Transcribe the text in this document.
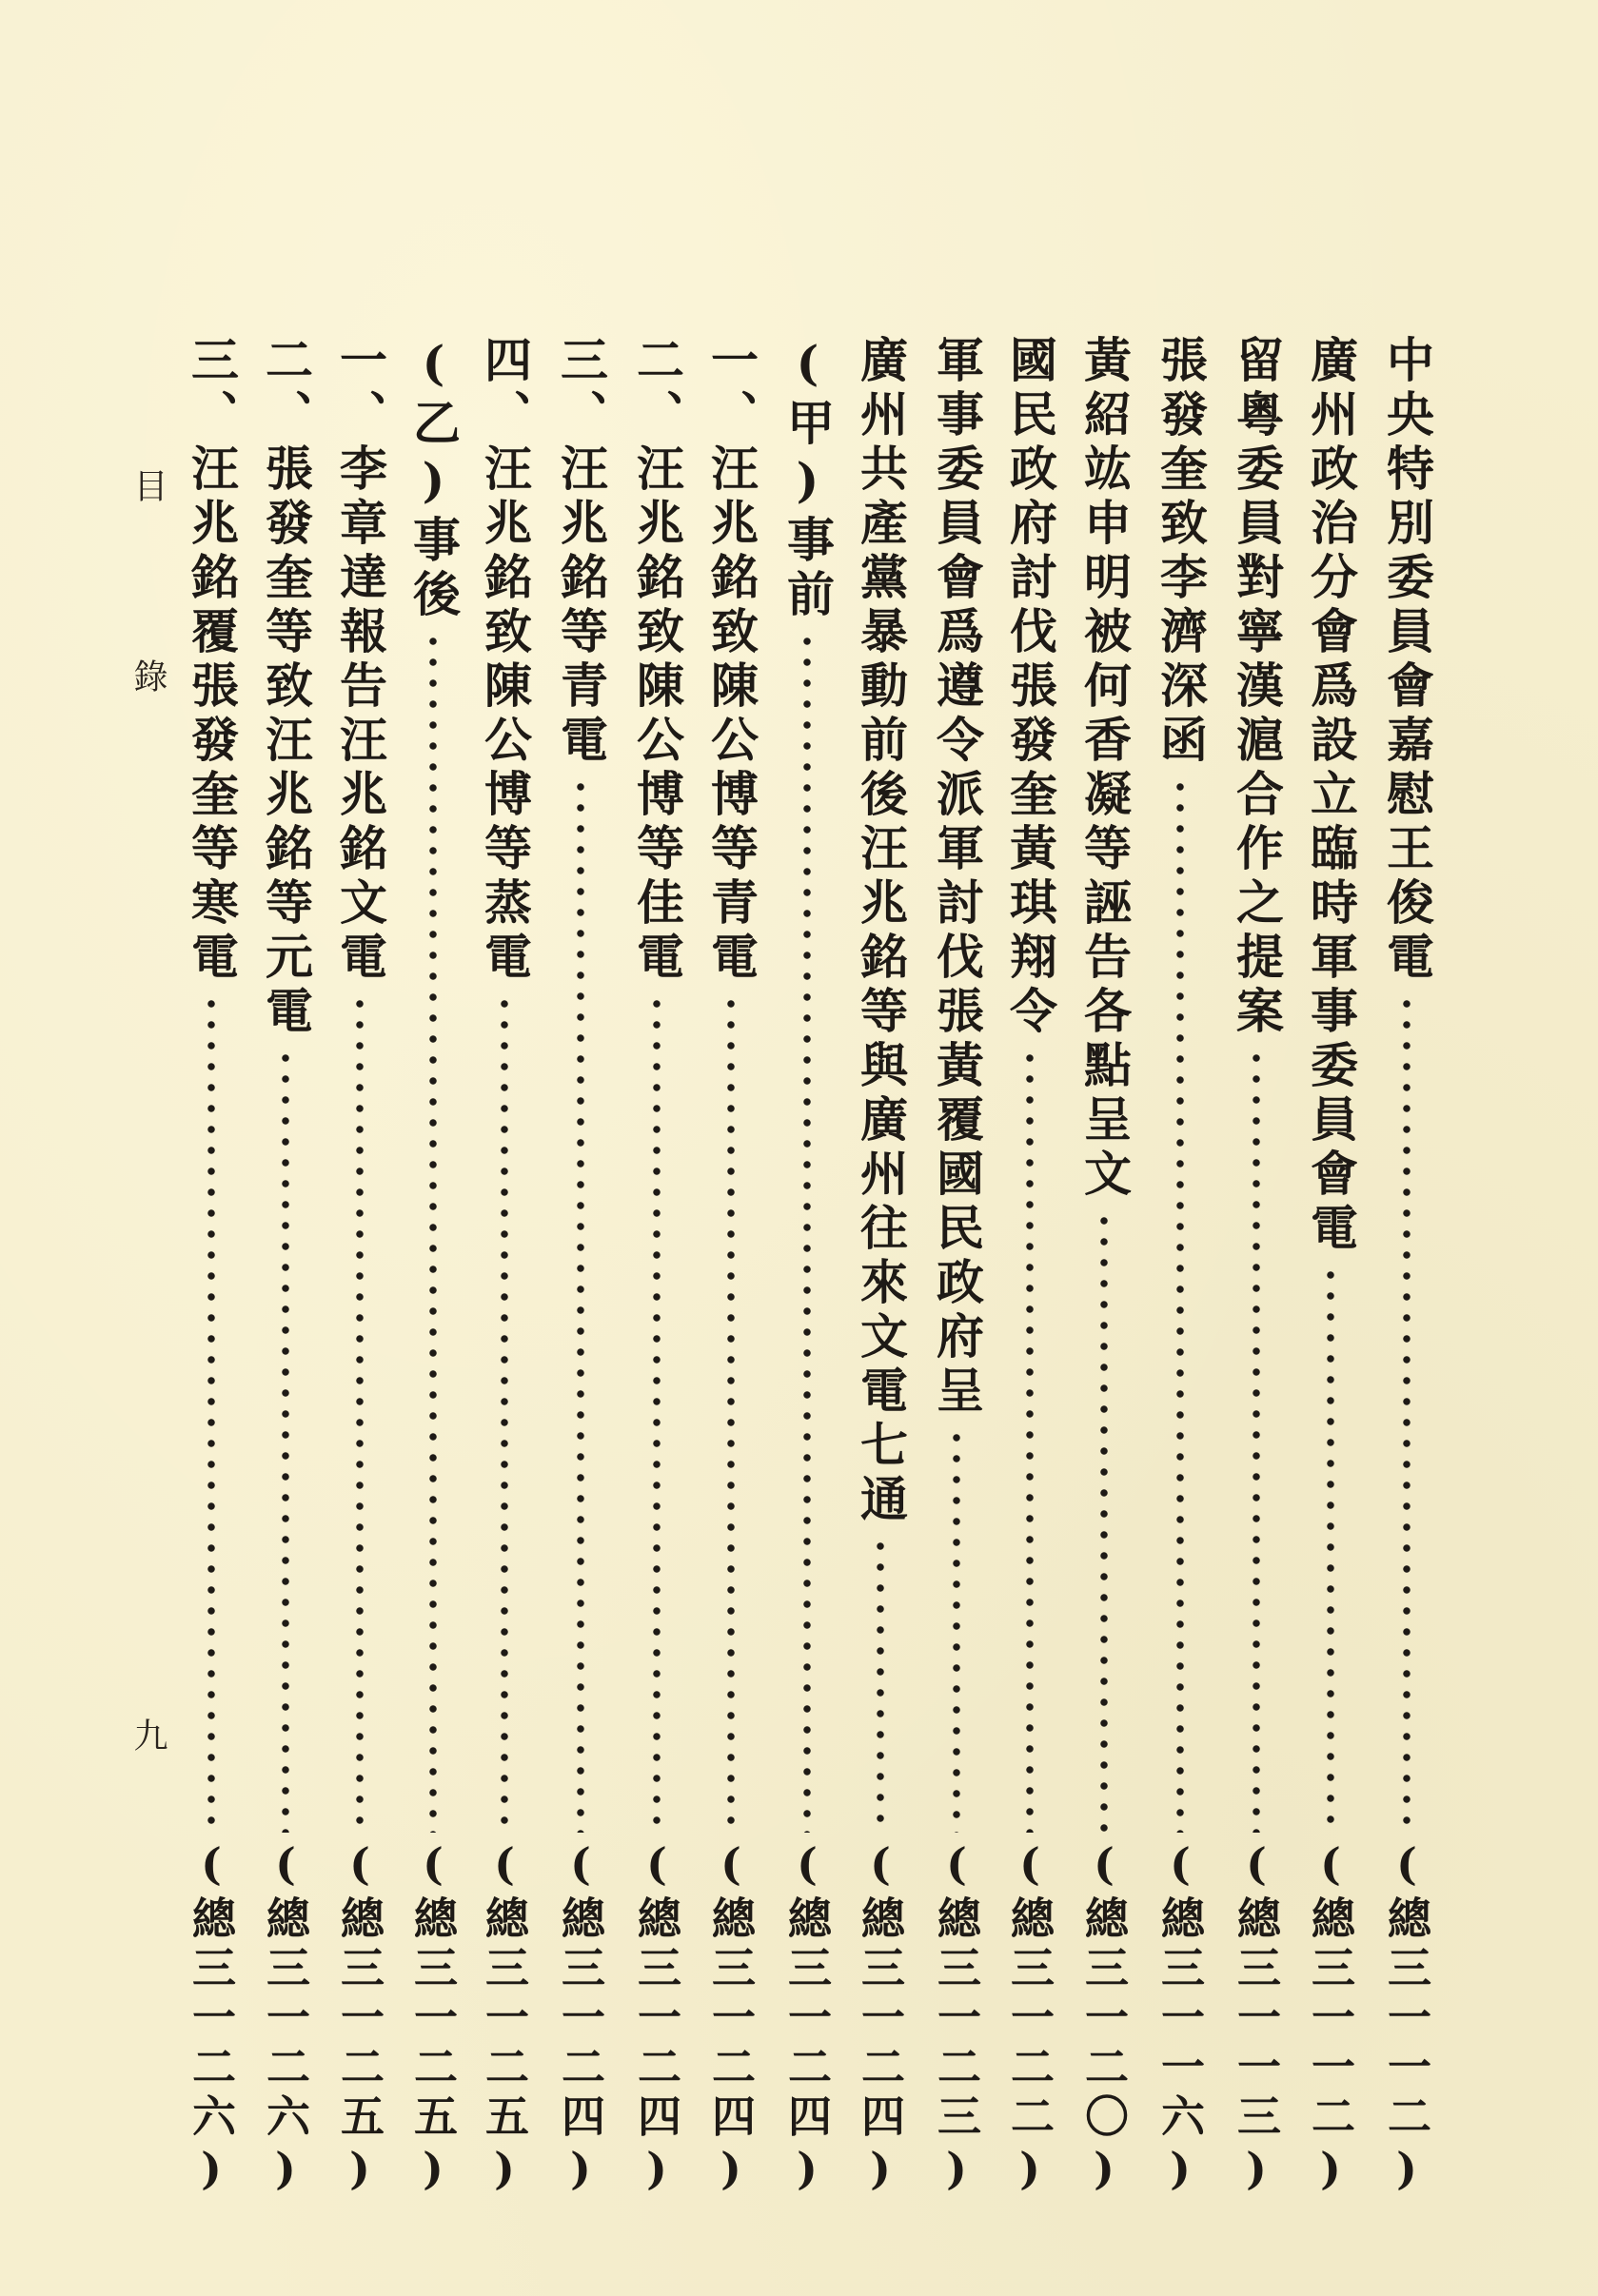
中央特別委員會嘉慰王俊電
(總三一一二)
廣州政治分會爲設立臨時軍事委員會電
(總三一一二)
留粵委員對寧漢滬合作之提案
(總三一一三)
張發奎致李濟深函
(總三一一六)
黃紹竑申明被何香凝等誣告各點呈文
(總三一二〇)
國民政府討伐張發奎黃琪翔令
(總三一二二)
軍事委員會爲遵令派軍討伐張黃覆國民政府呈
(總三一二三)
廣州共產黨暴動前後汪兆銘等與廣州往來文電七通
(總三一二四)
(甲)事前
(總三一二四)
一、汪兆銘致陳公博等青電
(總三一二四)
二、汪兆銘致陳公博等佳電
(總三一二四)
三、汪兆銘等青電
(總三一二四)
四、汪兆銘致陳公博等蒸電
(總三一二五)
(乙)事後
(總三一二五)
一、李章達報告汪兆銘文電
(總三一二五)
二、張發奎等致汪兆銘等元電
(總三一二六)
三、汪兆銘覆張發奎等寒電
(總三一二六)
目
錄
九
